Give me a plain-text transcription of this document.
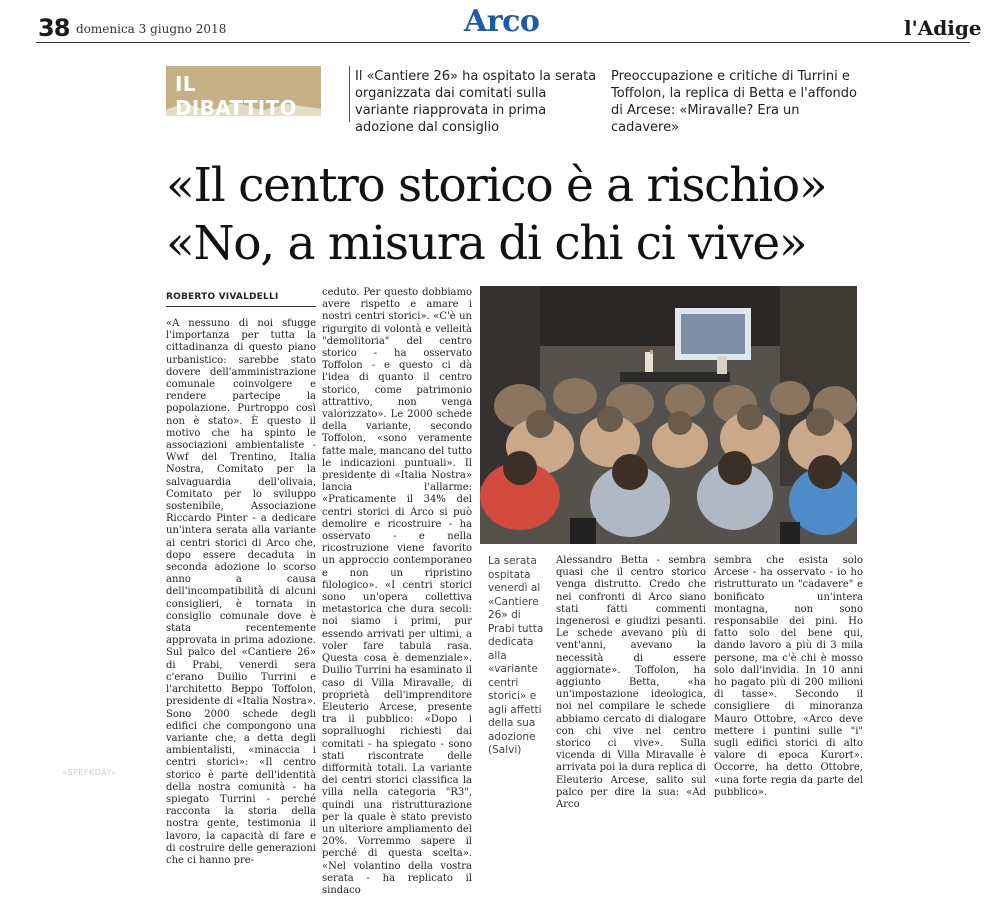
38 domenica 3 giugno 2018	Arco	l'Adige
IL DIBATTITO
Il «Cantiere 26» ha ospitato la serata organizzata dai comitati sulla variante riapprovata in prima adozione dal consiglio
Preoccupazione e critiche di Turrini e Toffolon, la replica di Betta e l'affondo di Arcese: «Miravalle? Era un cadavere»
«Il centro storico è a rischio»
«No, a misura di chi ci vive»
ROBERTO VIVALDELLI
«A nessuno di noi sfugge l'importanza per tutta la cittadinanza di questo piano urbanistico: sarebbe stato dovere dell'amministrazione comunale coinvolgere e rendere partecipe la popolazione. Purtroppo così non è stato». È questo il motivo che ha spinto le associazioni ambientaliste - Wwf del Trentino, Italia Nostra, Comitato per la salvaguardia dell'olivaia, Comitato per lo sviluppo sostenibile, Associazione Riccardo Pinter - a dedicare un'intera serata alla variante ai centri storici di Arco che, dopo essere decaduta in seconda adozione lo scorso anno a causa dell'incompatibilità di alcuni consiglieri, è tornata in consiglio comunale dove è stata recentemente approvata in prima adozione. Sul palco del «Cantiere 26» di Prabi, venerdì sera c'erano Duilio Turrini e l'architetto Beppo Toffolon, presidente di «Italia Nostra». Sono 2000 schede degli edifici che compongono una variante che, a detta degli ambientalisti, «minaccia i centri storici»: «Il centro storico è parte dell'identità della nostra comunità - ha spiegato Turrini - perché racconta la storia della nostra gente, testimonia il lavoro, la capacità di fare e di costruire delle generazioni che ci hanno pre-
ceduto. Per questo dobbiamo avere rispetto e amare i nostri centri storici». «C'è un rigurgito di volontà e velleità "demolitoria" del centro storico - ha osservato Toffolon - e questo ci dà l'idea di quanto il centro storico, come patrimonio attrattivo, non venga valorizzato». Le 2000 schede della variante, secondo Toffolon, «sono veramente fatte male, mancano del tutto le indicazioni puntuali». Il presidente di «Italia Nostra» lancia l'allarme: «Praticamente il 34% del centri storici di Arco si può demolire e ricostruire - ha osservato - e nella ricostruzione viene favorito un approccio contemporaneo e non un ripristino filologico». «I centri storici sono un'opera collettiva metastorica che dura secoli: noi siamo i primi, pur essendo arrivati per ultimi, a voler fare tabula rasa. Questa cosa è demenziale». Duilio Turrini ha esaminato il caso di Villa Miravalle, di proprietà dell'imprenditore Eleuterio Arcese, presente tra il pubblico: «Dopo i sopralluoghi richiesti dai comitati - ha spiegato - sono stati riscontrate delle difformità totali. La variante dei centri storici classifica la villa nella categoria "R3", quindi una ristrutturazione per la quale è stato previsto un ulteriore ampliamento del 20%. Vorremmo sapere il perché di questa scelta». «Nel volantino della vostra serata - ha replicato il sindaco
La serata ospitata venerdì al «Cantiere 26» di Prabi tutta dedicata alla «variante centri storici» e agli affetti della sua adozione (Salvi)
Alessandro Betta - sembra quasi che il centro storico venga distrutto. Credo che nei confronti di Arco siano stati fatti commenti ingenerosi e giudizi pesanti. Le schede avevano più di vent'anni, avevano la necessità di essere aggiornate». Toffolon, ha aggiunto Betta, «ha un'impostazione ideologica, noi nel compilare le schede abbiamo cercato di dialogare con chi vive nel centro storico ci vive». Sulla vicenda di Villa Miravalle è arrivata poi la dura replica di Eleuterio Arcese, salito sul palco per dire la sua: «Ad Arco
sembra che esista solo Arcese - ha osservato - io ho ristrutturato un "cadavere" e bonificato un'intera montagna, non sono responsabile dei pini. Ho fatto solo del bene qui, dando lavoro a più di 3 mila persone, ma c'è chi è mosso solo dall'invidia. In 10 anni ho pagato più di 200 milioni di tasse». Secondo il consigliere di minoranza Mauro Ottobre, «Arco deve mettere i puntini sulle "i" sugli edifici storici di alto valore di epoca Kurort». Occorre, ha detto Ottobre, «una forte regia da parte del pubblico».
«SPEFKDAY»
